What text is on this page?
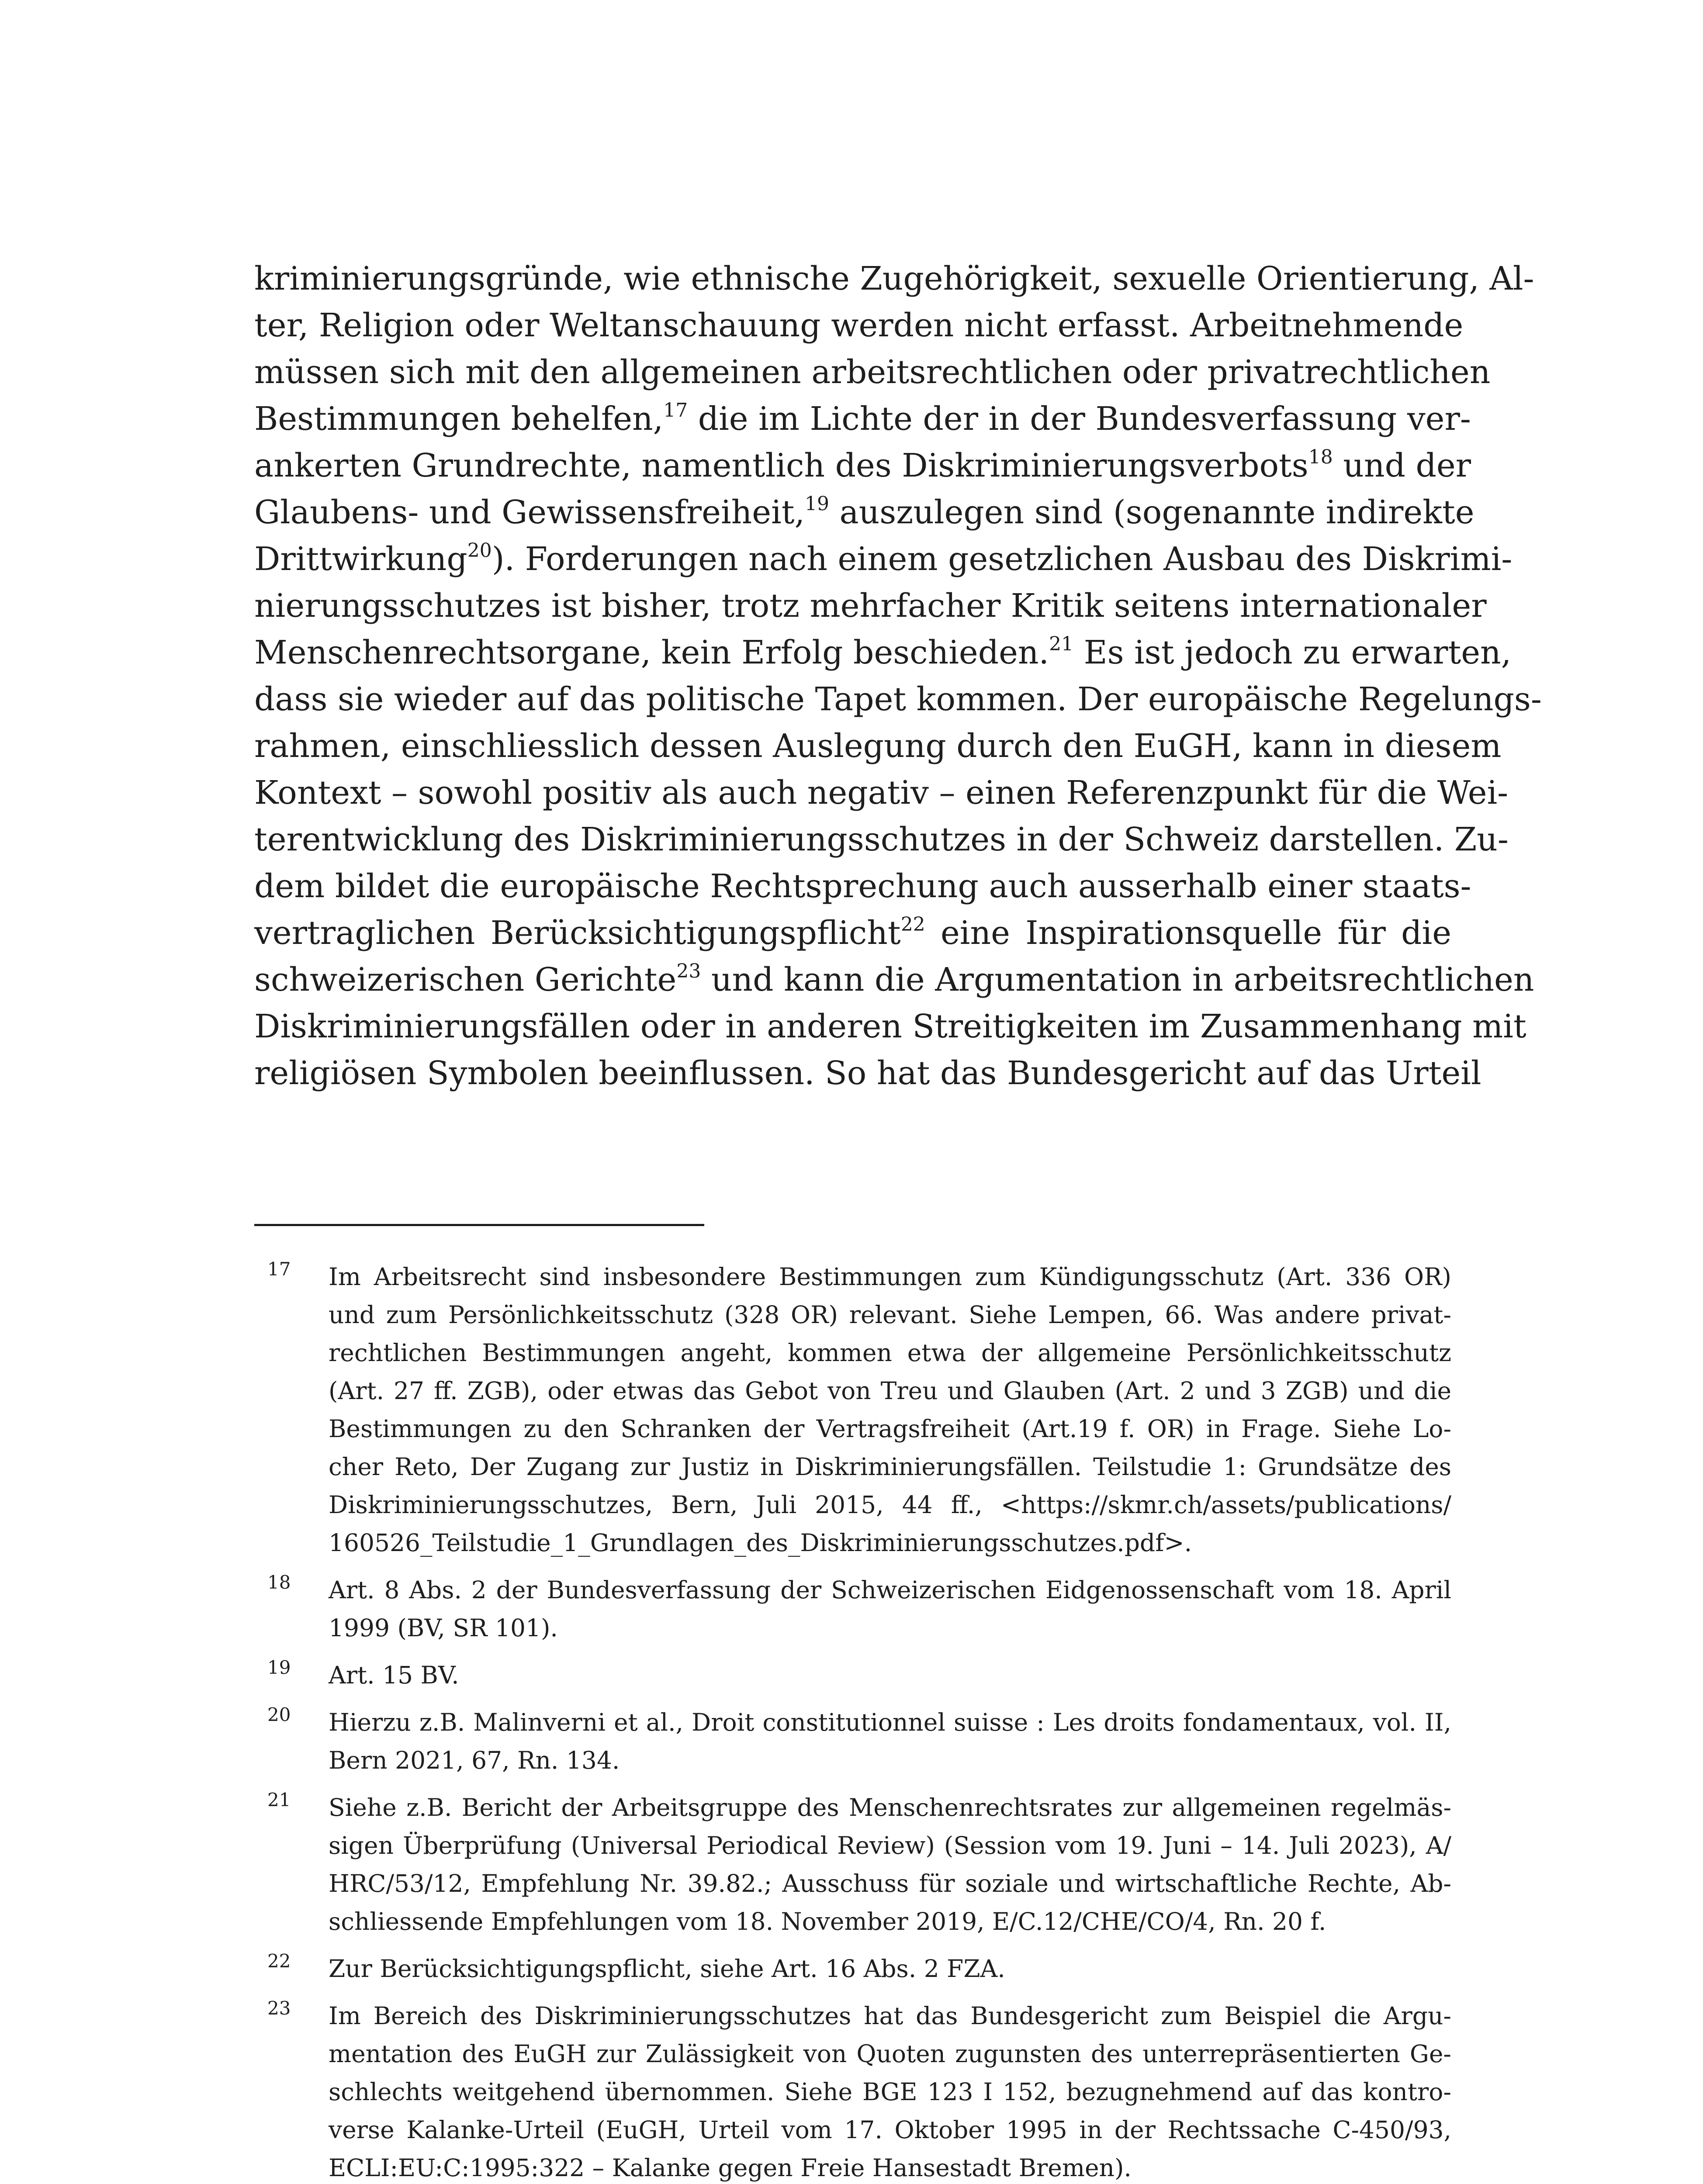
kriminierungsgründe, wie ethnische Zugehörigkeit, sexuelle Orientierung, Al-
ter, Religion oder Weltanschauung werden nicht erfasst. Arbeitnehmende
müssen sich mit den allgemeinen arbeitsrechtlichen oder privatrechtlichen
Bestimmungen behelfen,$^{17}$ die im Lichte der in der Bundesverfassung ver-
ankerten Grundrechte, namentlich des Diskriminierungsverbots$^{18}$ und der
Glaubens- und Gewissensfreiheit,$^{19}$ auszulegen sind (sogenannte indirekte
Drittwirkung$^{20}$). Forderungen nach einem gesetzlichen Ausbau des Diskrimi-
nierungsschutzes ist bisher, trotz mehrfacher Kritik seitens internationaler
Menschenrechtsorgane, kein Erfolg beschieden.$^{21}$ Es ist jedoch zu erwarten,
dass sie wieder auf das politische Tapet kommen. Der europäische Regelungs-
rahmen, einschliesslich dessen Auslegung durch den EuGH, kann in diesem
Kontext – sowohl positiv als auch negativ – einen Referenzpunkt für die Wei-
terentwicklung des Diskriminierungsschutzes in der Schweiz darstellen. Zu-
dem bildet die europäische Rechtsprechung auch ausserhalb einer staats-
vertraglichen Berücksichtigungspflicht$^{22}$ eine Inspirationsquelle für die
schweizerischen Gerichte$^{23}$ und kann die Argumentation in arbeitsrechtlichen
Diskriminierungsfällen oder in anderen Streitigkeiten im Zusammenhang mit
religiösen Symbolen beeinflussen. So hat das Bundesgericht auf das Urteil
17 Im Arbeitsrecht sind insbesondere Bestimmungen zum Kündigungsschutz (Art. 336 OR)
und zum Persönlichkeitsschutz (328 OR) relevant. Siehe Lempen, 66. Was andere privat-
rechtlichen Bestimmungen angeht, kommen etwa der allgemeine Persönlichkeitsschutz
(Art. 27 ff. ZGB), oder etwas das Gebot von Treu und Glauben (Art. 2 und 3 ZGB) und die
Bestimmungen zu den Schranken der Vertragsfreiheit (Art.19 f. OR) in Frage. Siehe Lo-
cher Reto, Der Zugang zur Justiz in Diskriminierungsfällen. Teilstudie 1: Grundsätze des
Diskriminierungsschutzes, Bern, Juli 2015, 44 ff., <https://skmr.ch/assets/publications/
160526_Teilstudie_1_Grundlagen_des_Diskriminierungsschutzes.pdf>.
18 Art. 8 Abs. 2 der Bundesverfassung der Schweizerischen Eidgenossenschaft vom 18. April
1999 (BV, SR 101).
19 Art. 15 BV.
20 Hierzu z.B. Malinverni et al., Droit constitutionnel suisse : Les droits fondamentaux, vol. II,
Bern 2021, 67, Rn. 134.
21 Siehe z.B. Bericht der Arbeitsgruppe des Menschenrechtsrates zur allgemeinen regelmäs-
sigen Überprüfung (Universal Periodical Review) (Session vom 19. Juni – 14. Juli 2023), A/
HRC/53/12, Empfehlung Nr. 39.82.; Ausschuss für soziale und wirtschaftliche Rechte, Ab-
schliessende Empfehlungen vom 18. November 2019, E/C.12/CHE/CO/4, Rn. 20 f.
22 Zur Berücksichtigungspflicht, siehe Art. 16 Abs. 2 FZA.
23 Im Bereich des Diskriminierungsschutzes hat das Bundesgericht zum Beispiel die Argu-
mentation des EuGH zur Zulässigkeit von Quoten zugunsten des unterrepräsentierten Ge-
schlechts weitgehend übernommen. Siehe BGE 123 I 152, bezugnehmend auf das kontro-
verse Kalanke-Urteil (EuGH, Urteil vom 17. Oktober 1995 in der Rechtssache C-450/93,
ECLI:EU:C:1995:322 – Kalanke gegen Freie Hansestadt Bremen).
